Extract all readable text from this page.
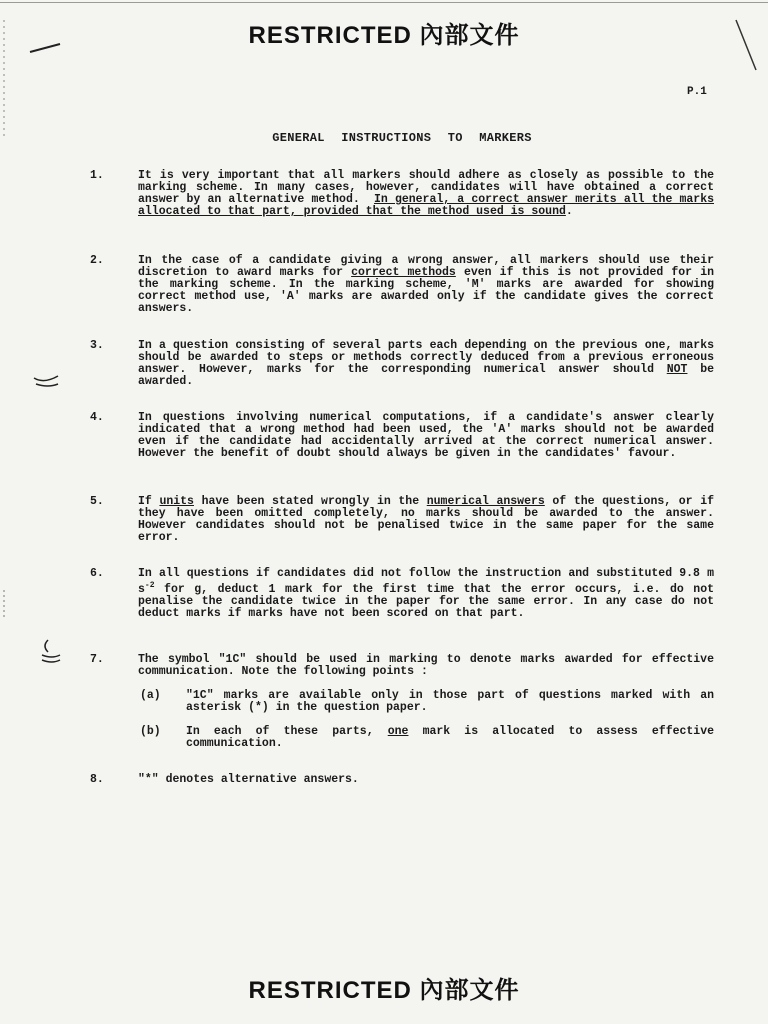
RESTRICTED 內部文件
P.1
GENERAL INSTRUCTIONS TO MARKERS
1.	It is very important that all markers should adhere as closely as possible to the marking scheme. In many cases, however, candidates will have obtained a correct answer by an alternative method. In general, a correct answer merits all the marks allocated to that part, provided that the method used is sound.
2.	In the case of a candidate giving a wrong answer, all markers should use their discretion to award marks for correct methods even if this is not provided for in the marking scheme. In the marking scheme, 'M' marks are awarded for showing correct method use, 'A' marks are awarded only if the candidate gives the correct answers.
3.	In a question consisting of several parts each depending on the previous one, marks should be awarded to steps or methods correctly deduced from a previous erroneous answer. However, marks for the corresponding numerical answer should NOT be awarded.
4.	In questions involving numerical computations, if a candidate's answer clearly indicated that a wrong method had been used, the 'A' marks should not be awarded even if the candidate had accidentally arrived at the correct numerical answer. However the benefit of doubt should always be given in the candidates' favour.
5.	If units have been stated wrongly in the numerical answers of the questions, or if they have been omitted completely, no marks should be awarded to the answer. However candidates should not be penalised twice in the same paper for the same error.
6.	In all questions if candidates did not follow the instruction and substituted 9.8 m $s^{-2}$ for g, deduct 1 mark for the first time that the error occurs, i.e. do not penalise the candidate twice in the paper for the same error. In any case do not deduct marks if marks have not been scored on that part.
7.	The symbol "1C" should be used in marking to denote marks awarded for effective communication. Note the following points :
(a) "1C" marks are available only in those part of questions marked with an asterisk (*) in the question paper.
(b) In each of these parts, one mark is allocated to assess effective communication.
8.	"*" denotes alternative answers.
RESTRICTED 內部文件
